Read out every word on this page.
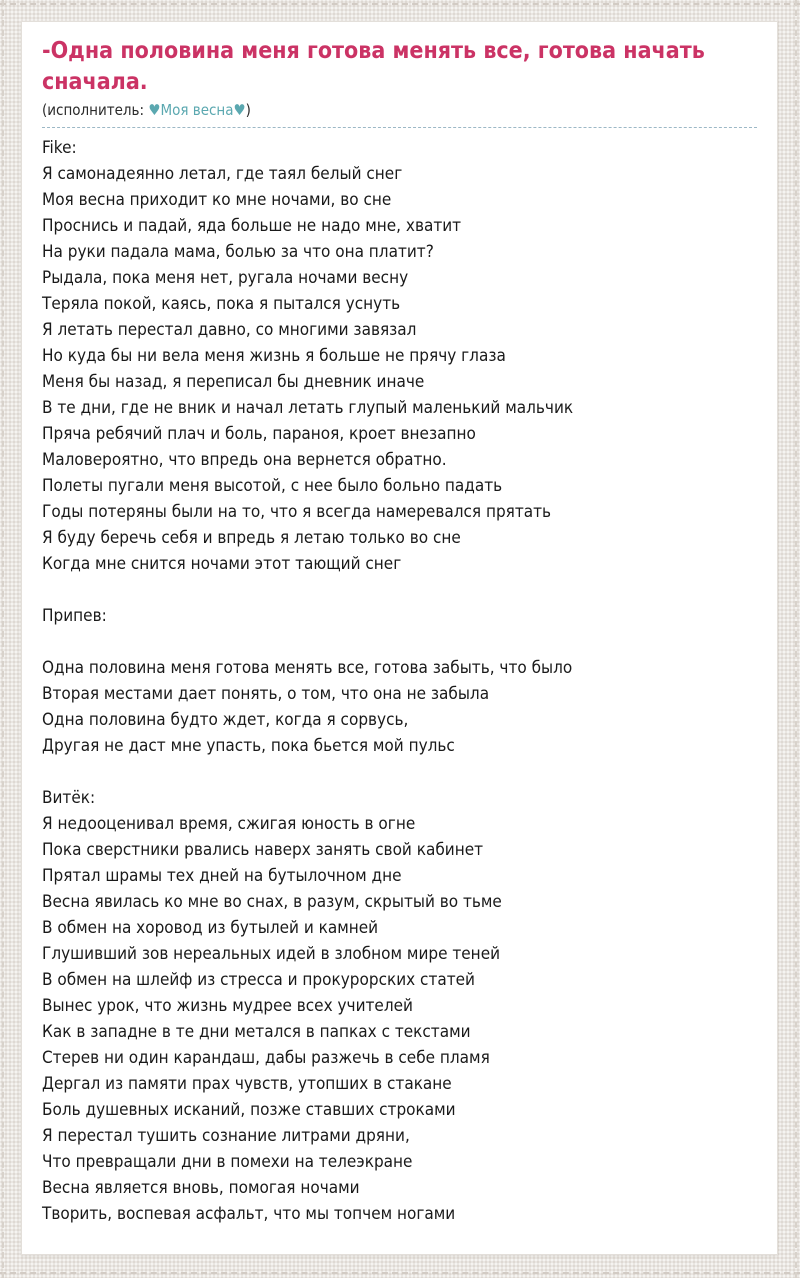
-Одна половина меня готова менять все, готова начать сначала.
(исполнитель: ♥Моя весна♥)
Fike:
Я самонадеянно летал, где таял белый снег
Моя весна приходит ко мне ночами, во сне
Проснись и падай, яда больше не надо мне, хватит
На руки падала мама, болью за что она платит?
Рыдала, пока меня нет, ругала ночами весну
Теряла покой, каясь, пока я пытался уснуть
Я летать перестал давно, со многими завязал
Но куда бы ни вела меня жизнь я больше не прячу глаза
Меня бы назад, я переписал бы дневник иначе
В те дни, где не вник и начал летать глупый маленький мальчик
Пряча ребячий плач и боль, параноя, кроет внезапно
Маловероятно, что впредь она вернется обратно.
Полеты пугали меня высотой, с нее было больно падать
Годы потеряны были на то, что я всегда намеревался прятать
Я буду беречь себя и впредь я летаю только во сне
Когда мне снится ночами этот тающий снег
Припев:
Одна половина меня готова менять все, готова забыть, что было
Вторая местами дает понять, о том, что она не забыла
Одна половина будто ждет, когда я сорвусь,
Другая не даст мне упасть, пока бьется мой пульс
Витёк:
Я недооценивал время, сжигая юность в огне
Пока сверстники рвались наверх занять свой кабинет
Прятал шрамы тех дней на бутылочном дне
Весна явилась ко мне во снах, в разум, скрытый во тьме
В обмен на хоровод из бутылей и камней
Глушивший зов нереальных идей в злобном мире теней
В обмен на шлейф из стресса и прокурорских статей
Вынес урок, что жизнь мудрее всех учителей
Как в западне в те дни метался в папках с текстами
Стерев ни один карандаш, дабы разжечь в себе пламя
Дергал из памяти прах чувств, утопших в стакане
Боль душевных исканий, позже ставших строками
Я перестал тушить сознание литрами дряни,
Что превращали дни в помехи на телеэкране
Весна является вновь, помогая ночами
Творить, воспевая асфальт, что мы топчем ногами
